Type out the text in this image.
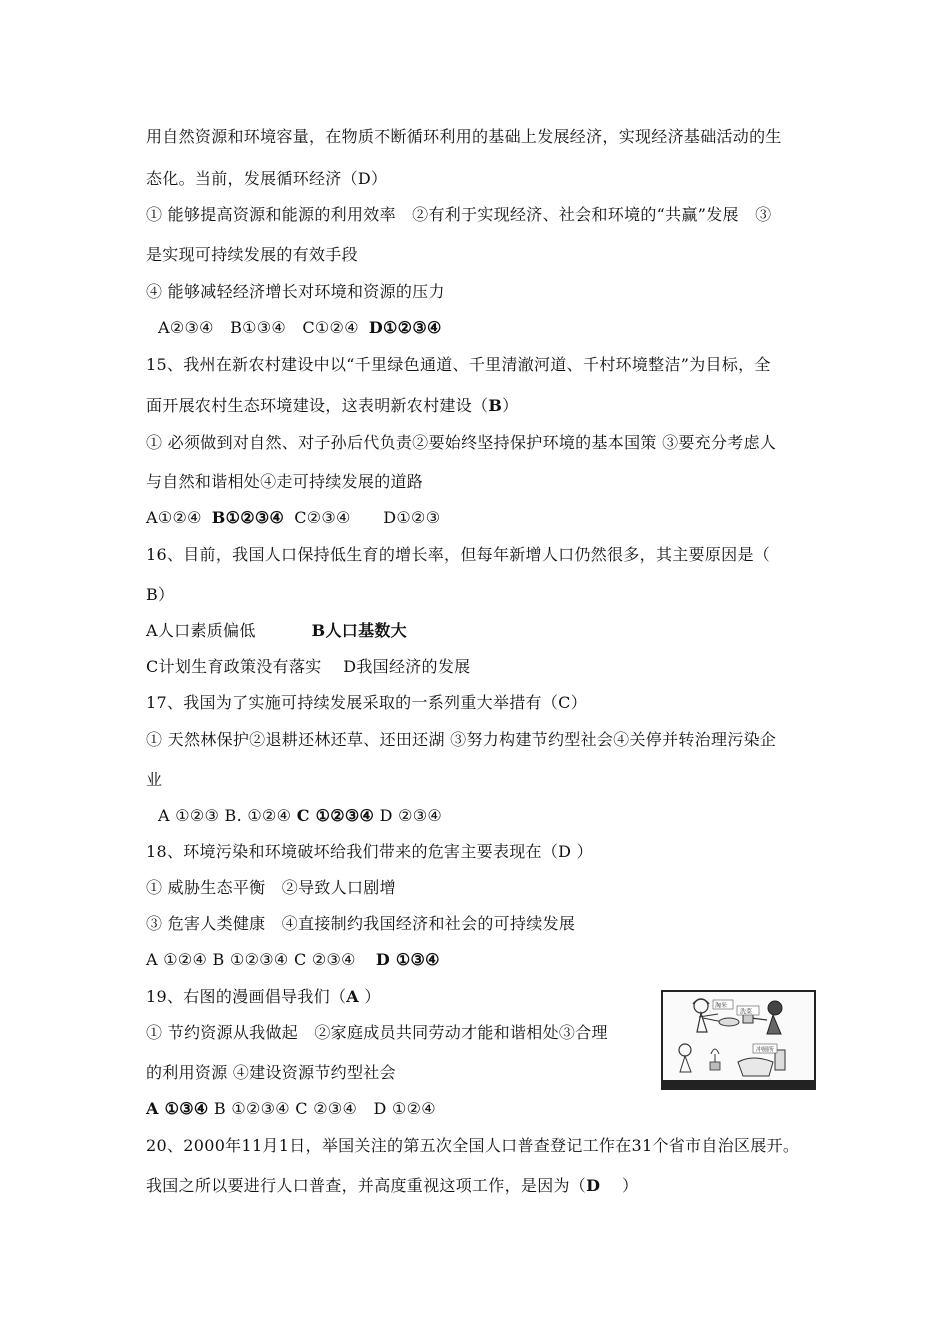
用自然资源和环境容量，在物质不断循环利用的基础上发展经济，实现经济基础活动的生
态化。当前，发展循环经济（D）
① 能够提高资源和能源的利用效率　②有利于实现经济、社会和环境的“共赢”发展　③
是实现可持续发展的有效手段
④ 能够减轻经济增长对环境和资源的压力
A②③④　B①③④　C①②④ D①②③④
15、我州在新农村建设中以“千里绿色通道、千里清澈河道、千村环境整洁”为目标，全
面开展农村生态环境建设，这表明新农村建设（B）
① 必须做到对自然、对子孙后代负责②要始终坚持保护环境的基本国策 ③要充分考虑人
与自然和谐相处④走可持续发展的道路
A①②④ B①②③④ C②③④　　D①②③
16、目前，我国人口保持低生育的增长率，但每年新增人口仍然很多，其主要原因是（
B）
A人口素质偏低	B人口基数大
C计划生育政策没有落实　 D我国经济的发展
17、我国为了实施可持续发展采取的一系列重大举措有（C）
① 天然林保护②退耕还林还草、还田还湖 ③努力构建节约型社会④关停并转治理污染企
业
A ①②③ B. ①②④ C ①②③④ D ②③④
18、环境污染和环境破坏给我们带来的危害主要表现在（D ）
① 威胁生态平衡　②导致人口剧增
③ 危害人类健康　④直接制约我国经济和社会的可持续发展
A ①②④ B ①②③④ C ②③④ D ①③④
19、右图的漫画倡导我们（A ）
① 节约资源从我做起　②家庭成员共同劳动才能和谐相处③合理
的利用资源 ④建设资源节约型社会
A ①③④ B ①②③④ C ②③④　D ①②④
20、2000年11月1日，举国关注的第五次全国人口普查登记工作在31个省市自治区展开。
我国之所以要进行人口普查，并高度重视这项工作，是因为（D　 ）
淘米
洗菜
冲厕所
